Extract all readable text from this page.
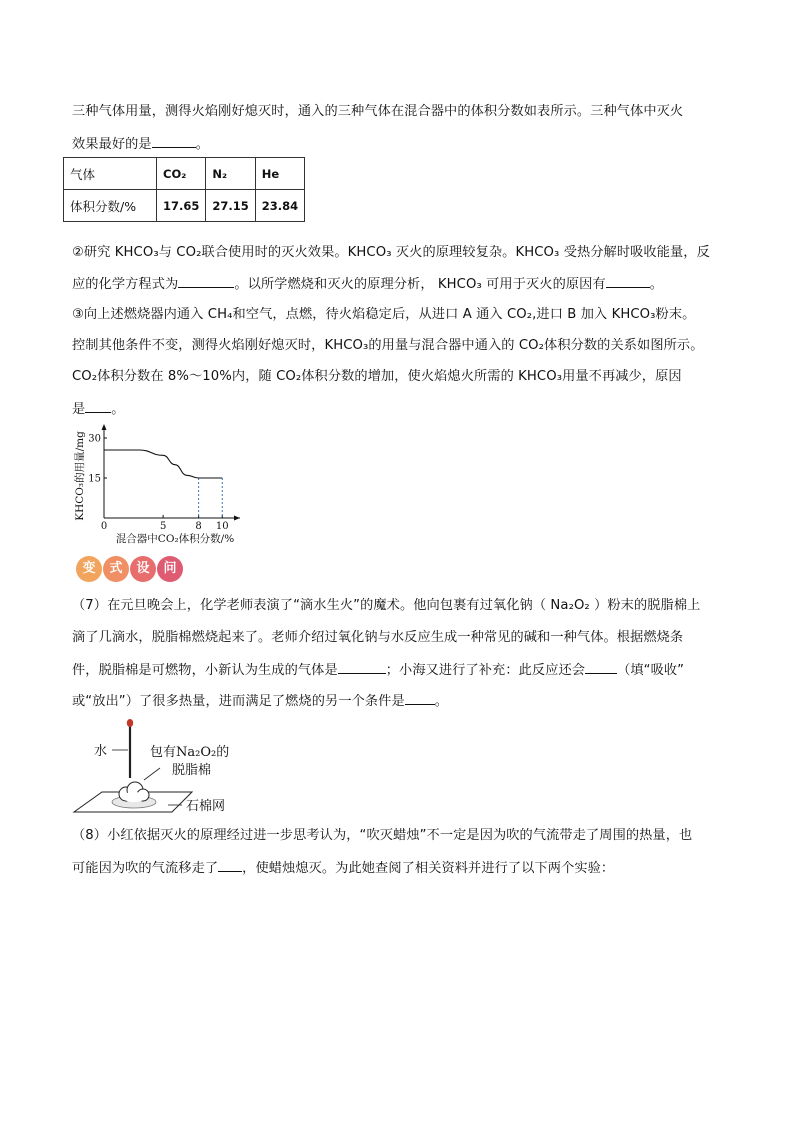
三种气体用量，测得火焰刚好熄灭时，通入的三种气体在混合器中的体积分数如表所示。三种气体中灭火
效果最好的是	。
气体	CO₂	N₂	He
体积分数/%	17.65	27.15	23.84
②研究 KHCO₃与 CO₂联合使用时的灭火效果。KHCO₃ 灭火的原理较复杂。KHCO₃ 受热分解时吸收能量，反
应的化学方程式为	。以所学燃烧和灭火的原理分析， KHCO₃ 可用于灭火的原因有	。
③向上述燃烧器内通入 CH₄和空气，点燃，待火焰稳定后，从进口 A 通入 CO₂,进口 B 加入 KHCO₃粉末。
控制其他条件不变，测得火焰刚好熄灭时，KHCO₃的用量与混合器中通入的 CO₂体积分数的关系如图所示。
CO₂体积分数在 8%～10%内，随 CO₂体积分数的增加，使火焰熄火所需的 KHCO₃用量不再减少，原因
是 。
KHCO₃的用量/mg
混合器中CO₂体积分数/%
0	5	8 10
15
30
变	式	设	问
（7）在元旦晚会上，化学老师表演了“滴水生火”的魔术。他向包裹有过氧化钠（ Na₂O₂ ）粉末的脱脂棉上
滴了几滴水，脱脂棉燃烧起来了。老师介绍过氧化钠与水反应生成一种常见的碱和一种气体。根据燃烧条
件，脱脂棉是可燃物，小新认为生成的气体是	；小海又进行了补充：此反应还会 （填“吸收”
或“放出”）了很多热量，进而满足了燃烧的另一个条件是 。
水	包有Na₂O₂的
脱脂棉
石棉网
（8）小红依据灭火的原理经过进一步思考认为，“吹灭蜡烛”不一定是因为吹的气流带走了周围的热量，也
可能因为吹的气流移走了 ，使蜡烛熄灭。为此她查阅了相关资料并进行了以下两个实验：
